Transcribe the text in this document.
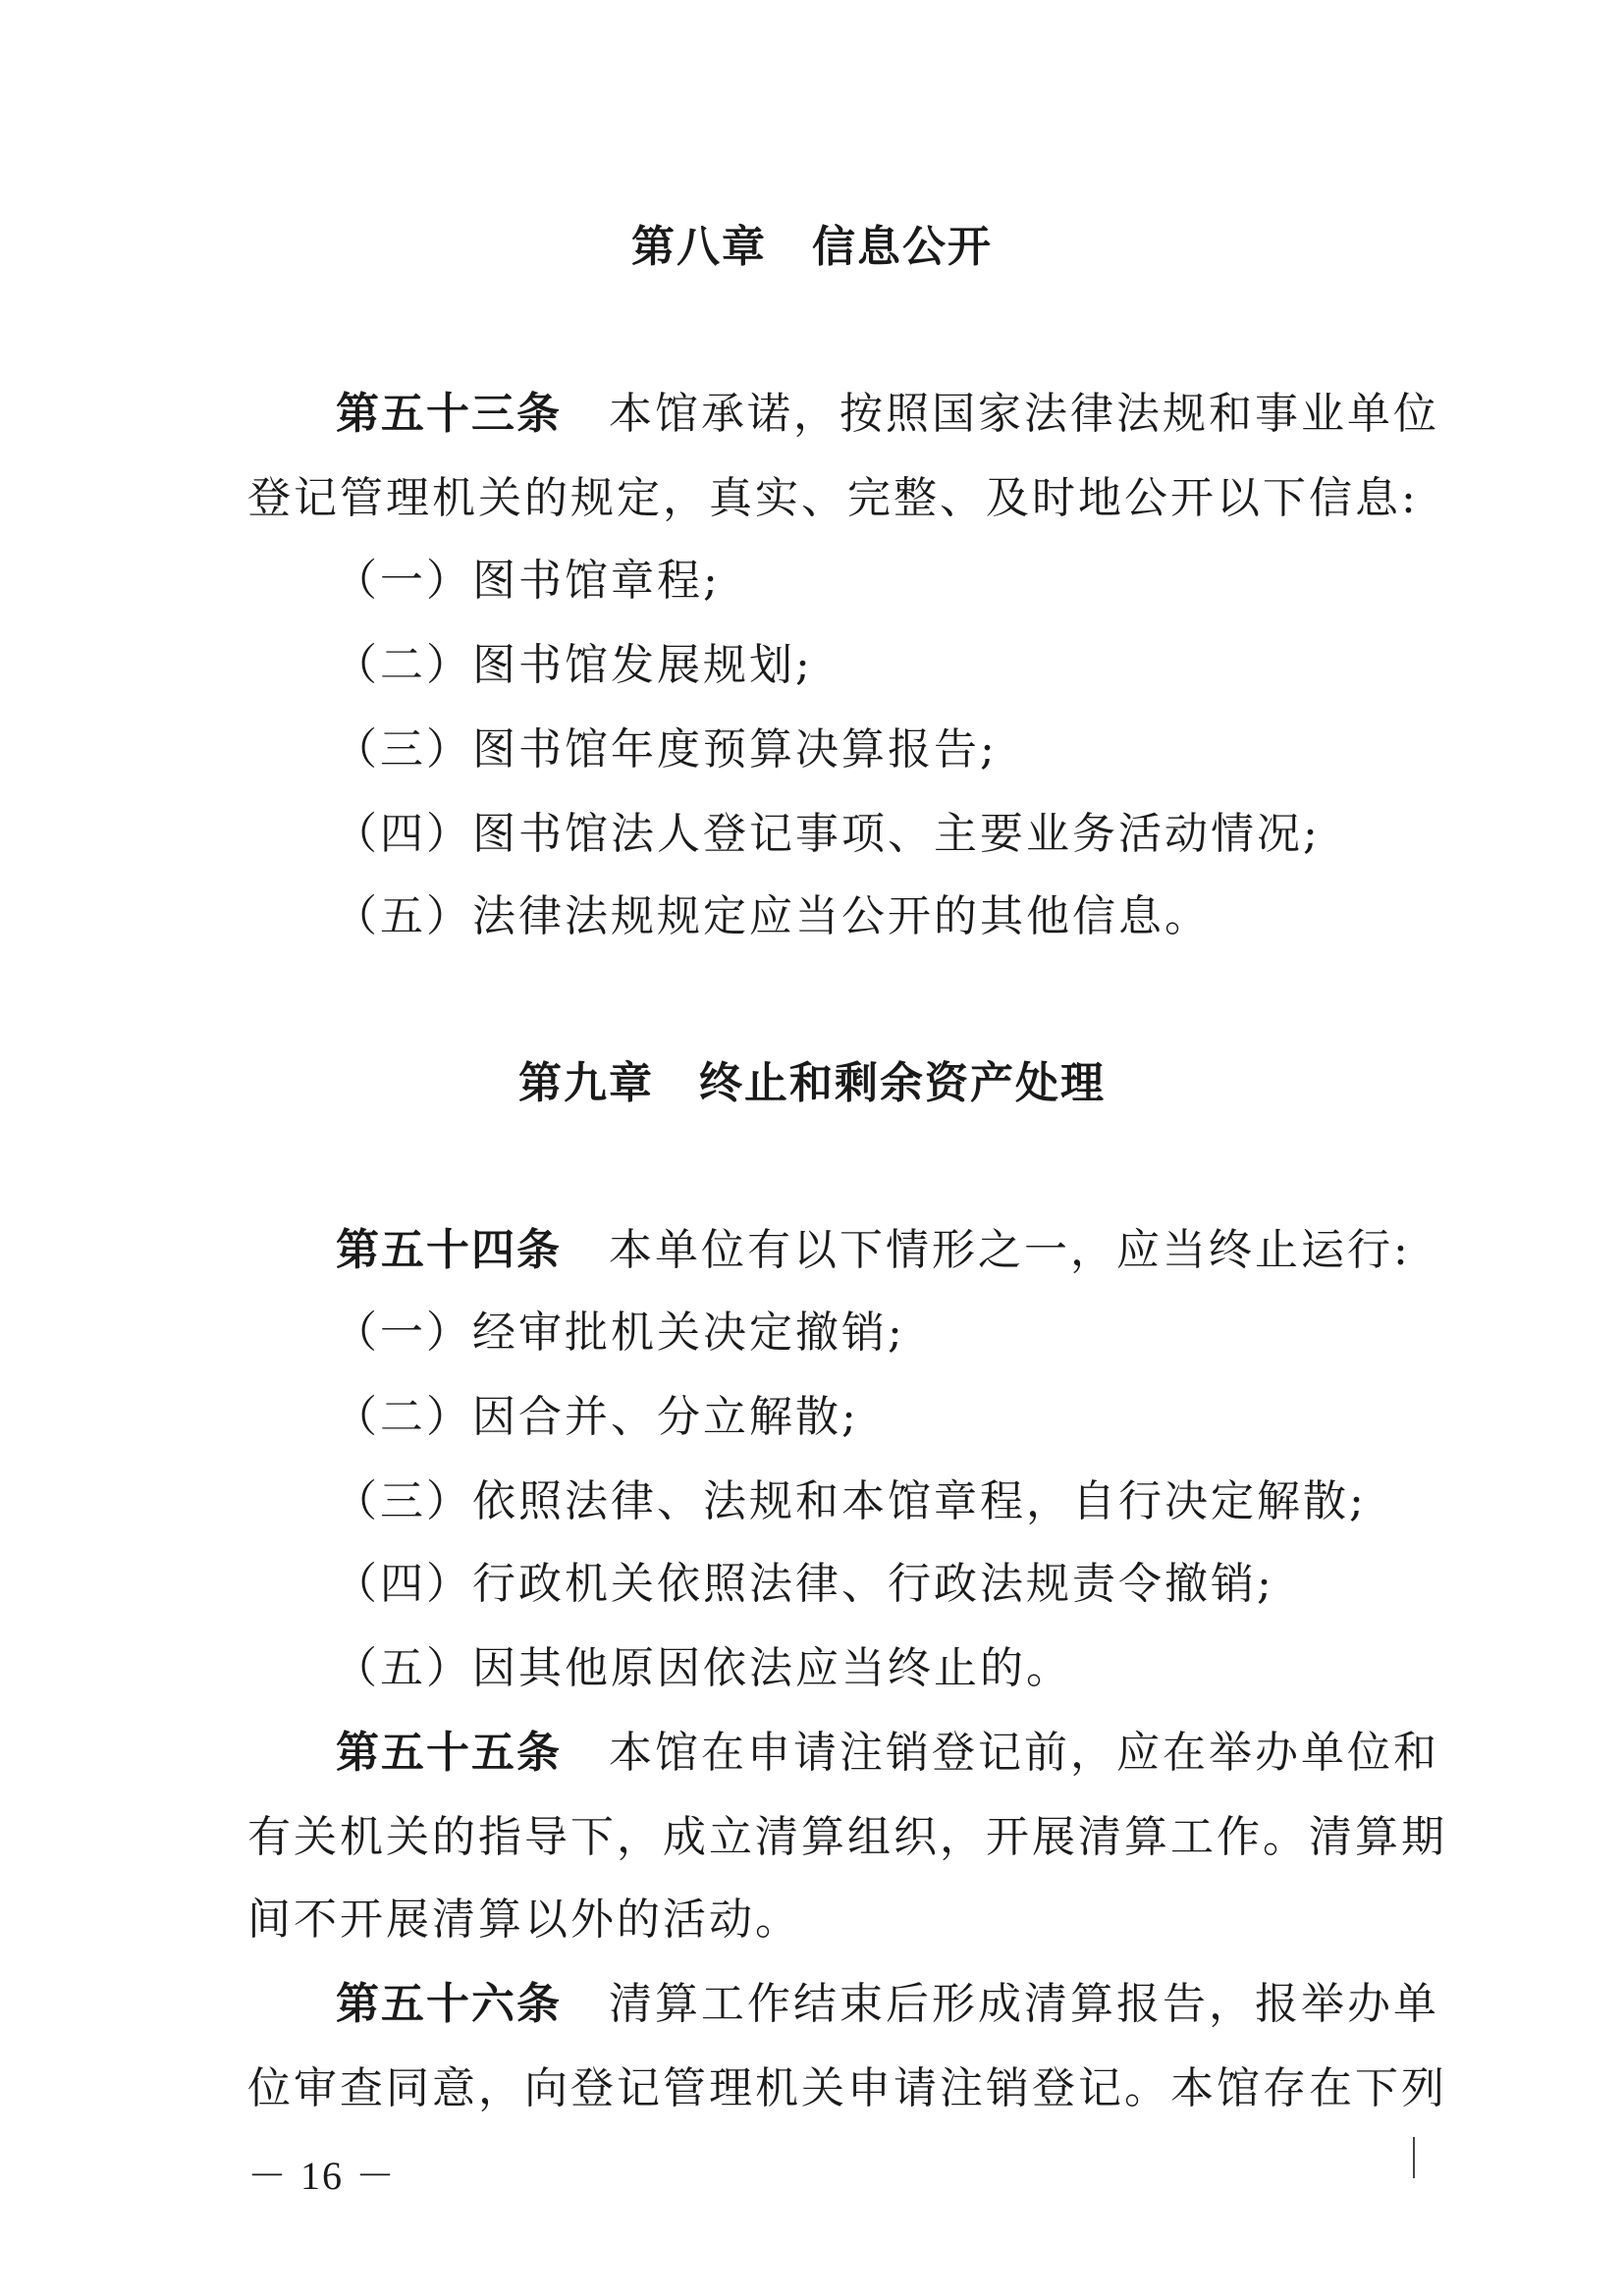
第八章　信息公开
第五十三条 本馆承诺，按照国家法律法规和事业单位
登记管理机关的规定，真实、完整、及时地公开以下信息:
（一）图书馆章程;
（二）图书馆发展规划;
（三）图书馆年度预算决算报告;
（四）图书馆法人登记事项、主要业务活动情况;
（五）法律法规规定应当公开的其他信息。
第九章　终止和剩余资产处理
第五十四条 本单位有以下情形之一，应当终止运行:
（一）经审批机关决定撤销;
（二）因合并、分立解散;
（三）依照法律、法规和本馆章程，自行决定解散;
（四）行政机关依照法律、行政法规责令撤销;
（五）因其他原因依法应当终止的。
第五十五条 本馆在申请注销登记前，应在举办单位和
有关机关的指导下，成立清算组织，开展清算工作。清算期
间不开展清算以外的活动。
第五十六条 清算工作结束后形成清算报告，报举办单
位审查同意，向登记管理机关申请注销登记。本馆存在下列
－ 16 －
